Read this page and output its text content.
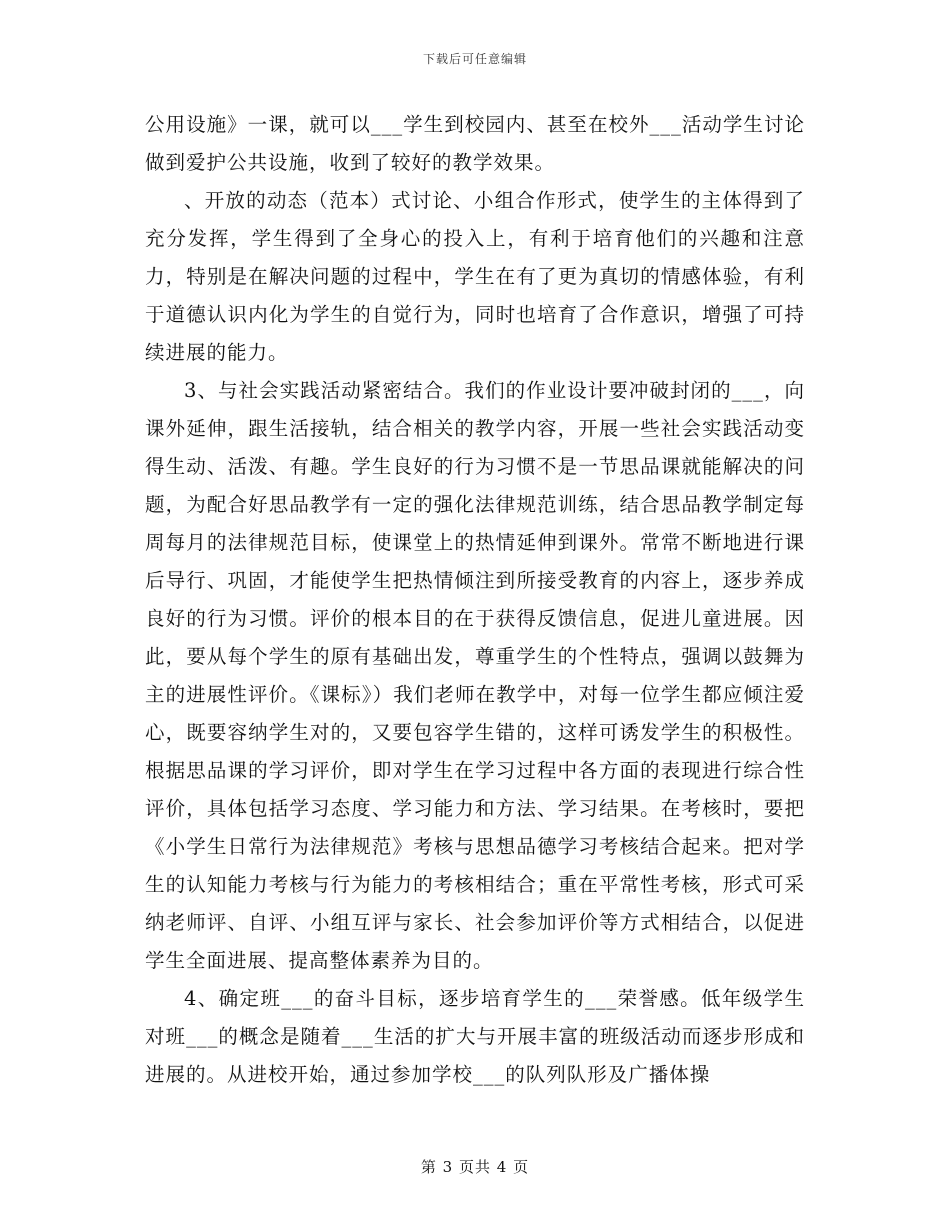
下载后可任意编辑

公用设施》一课，就可以___学生到校园内、甚至在校外___活动学生讨论做到爱护公共设施，收到了较好的教学效果。

、开放的动态（范本）式讨论、小组合作形式，使学生的主体得到了充分发挥，学生得到了全身心的投入上，有利于培育他们的兴趣和注意力，特别是在解决问题的过程中，学生在有了更为真切的情感体验，有利于道德认识内化为学生的自觉行为，同时也培育了合作意识，增强了可持续进展的能力。

3、与社会实践活动紧密结合。我们的作业设计要冲破封闭的___，向课外延伸，跟生活接轨，结合相关的教学内容，开展一些社会实践活动变得生动、活泼、有趣。学生良好的行为习惯不是一节思品课就能解决的问题，为配合好思品教学有一定的强化法律规范训练，结合思品教学制定每周每月的法律规范目标，使课堂上的热情延伸到课外。常常不断地进行课后导行、巩固，才能使学生把热情倾注到所接受教育的内容上，逐步养成良好的行为习惯。评价的根本目的在于获得反馈信息，促进儿童进展。因此，要从每个学生的原有基础出发，尊重学生的个性特点，强调以鼓舞为主的进展性评价。《课标》）我们老师在教学中，对每一位学生都应倾注爱心，既要容纳学生对的，又要包容学生错的，这样可诱发学生的积极性。根据思品课的学习评价，即对学生在学习过程中各方面的表现进行综合性评价，具体包括学习态度、学习能力和方法、学习结果。在考核时，要把《小学生日常行为法律规范》考核与思想品德学习考核结合起来。把对学生的认知能力考核与行为能力的考核相结合；重在平常性考核，形式可采纳老师评、自评、小组互评与家长、社会参加评价等方式相结合，以促进学生全面进展、提高整体素养为目的。

4、确定班___的奋斗目标，逐步培育学生的___荣誉感。低年级学生对班___的概念是随着___生活的扩大与开展丰富的班级活动而逐步形成和进展的。从进校开始，通过参加学校___的队列队形及广播体操

第 3 页共 4 页
